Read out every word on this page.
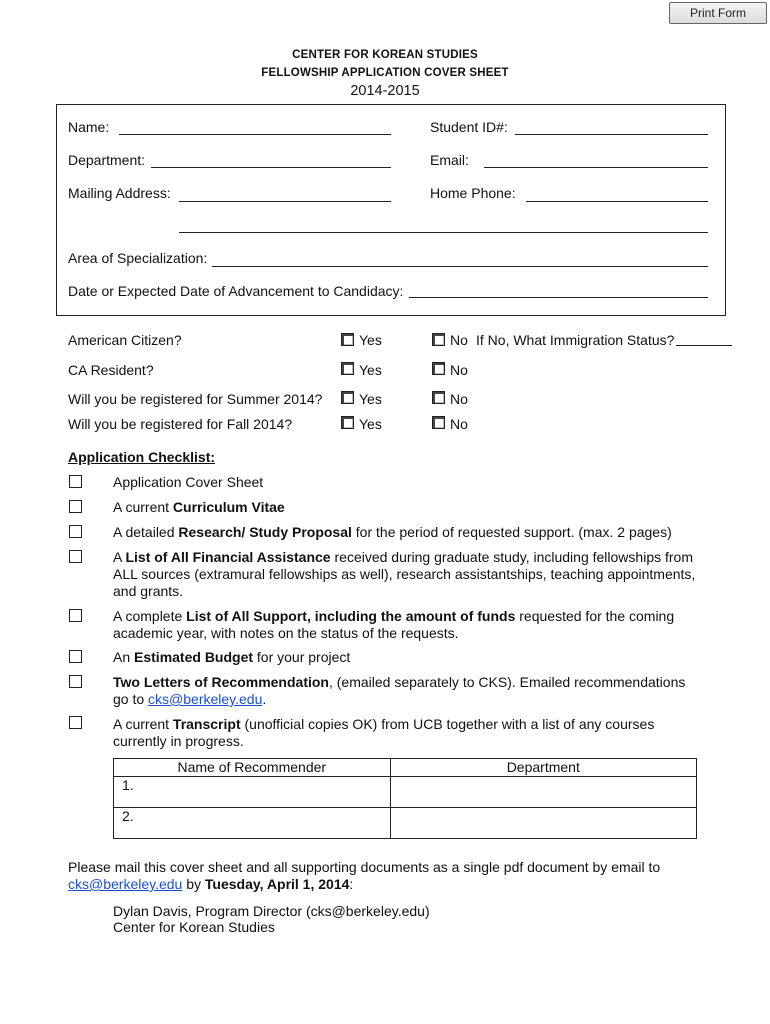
Print Form
CENTER FOR KOREAN STUDIES
FELLOWSHIP APPLICATION COVER SHEET
2014-2015
Name:	Student ID#:
Department:	Email:
Mailing Address:	Home Phone:
Area of Specialization:
Date or Expected Date of Advancement to Candidacy:
American Citizen?	Yes	No If No, What Immigration Status?
CA Resident?	Yes	No
Will you be registered for Summer 2014?	Yes	No
Will you be registered for Fall 2014?	Yes	No
Application Checklist:
Application Cover Sheet
A current Curriculum Vitae
A detailed Research/ Study Proposal for the period of requested support. (max. 2 pages)
A List of All Financial Assistance received during graduate study, including fellowships from ALL sources (extramural fellowships as well), research assistantships, teaching appointments, and grants.
A complete List of All Support, including the amount of funds requested for the coming academic year, with notes on the status of the requests.
An Estimated Budget for your project
Two Letters of Recommendation, (emailed separately to CKS). Emailed recommendations go to cks@berkeley.edu.
A current Transcript (unofficial copies OK) from UCB together with a list of any courses currently in progress.
Name of Recommender	Department
1.	
2.	
Please mail this cover sheet and all supporting documents as a single pdf document by email to cks@berkeley.edu by Tuesday, April 1, 2014:
Dylan Davis, Program Director (cks@berkeley.edu)
Center for Korean Studies
